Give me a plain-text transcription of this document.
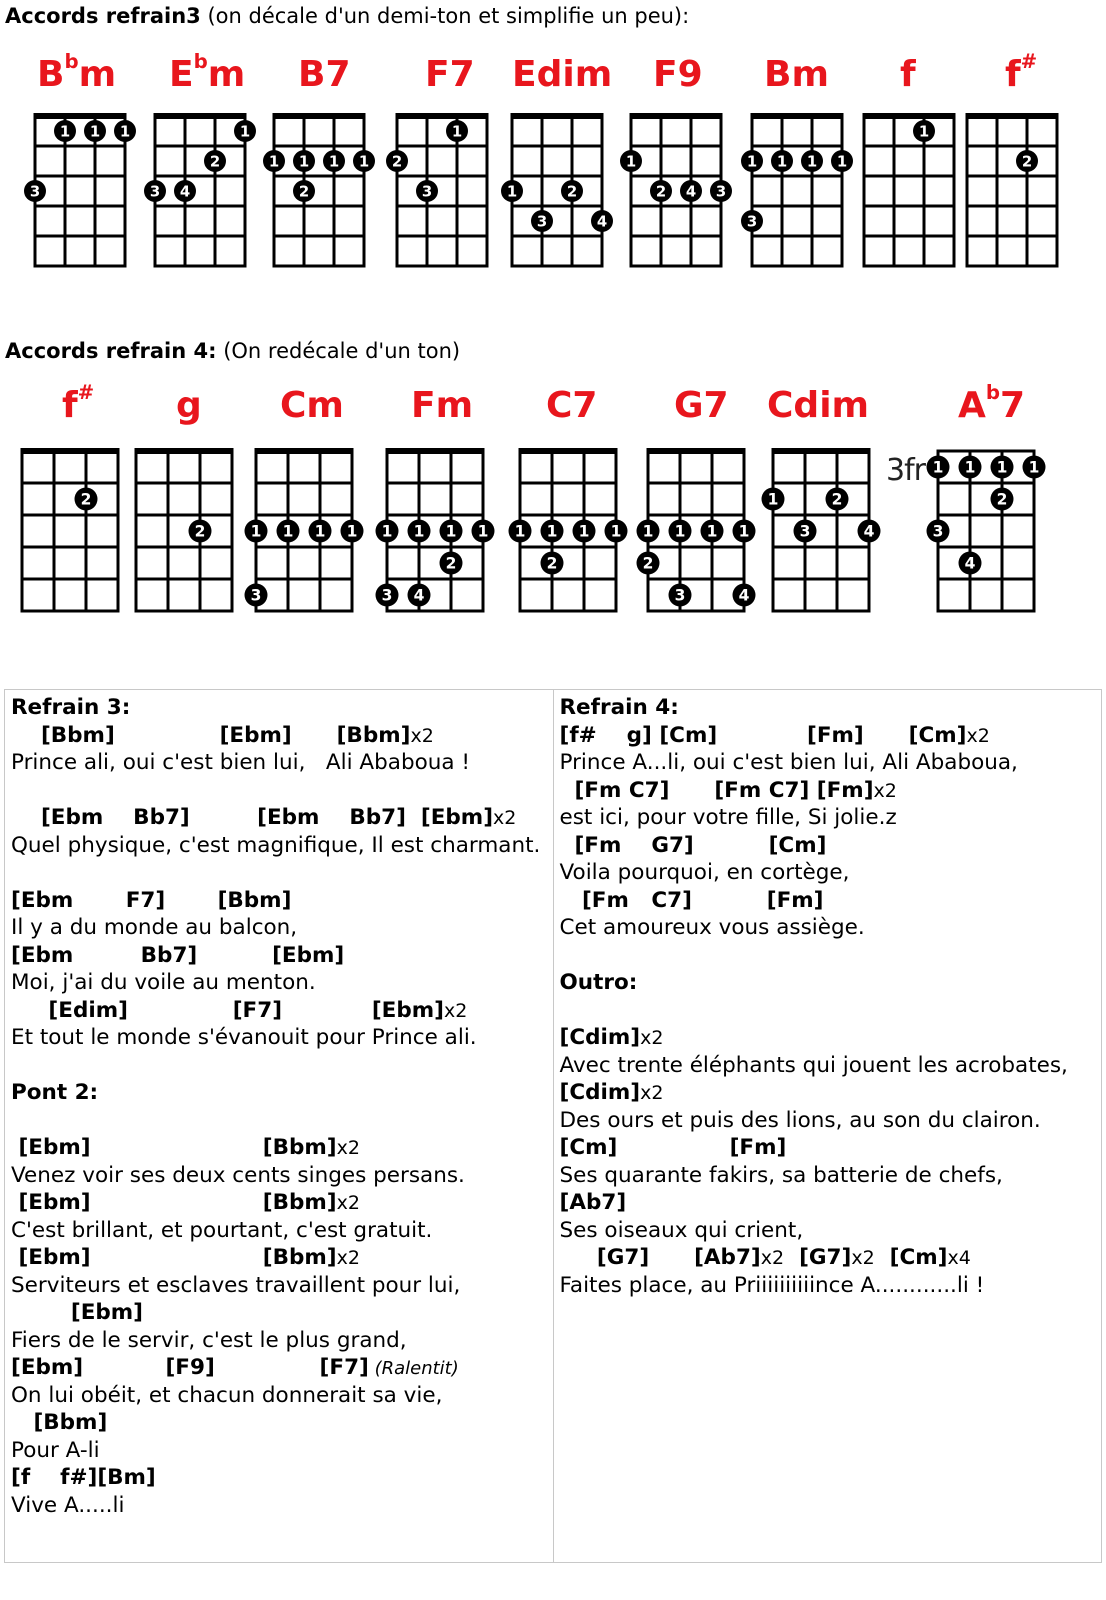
Accords refrain3 (on décale d'un demi-ton et simplifie un peu):
$B^bm$
1 1 1
3
$E^bm$
1
2
3 4
B7
1 1 1 1
2
F7
1
2
3
Edim
1	2
3	4
F9
1
2 4 3
Bm
1 1 1 1
3
f
1
f#
2
Accords refrain 4: (On redécale d'un ton)
f#
2
g
2
Cm
1 1 1 1
3
Fm
1 1 1 1
2
3 4
C7
1 1 1 1
2
G7
1 1 1 1
2
3	4
Cdim
1	2
3	4
$A^b7$
3fr 1 1 1 1
2
3
4
Refrain 3:
[Bbm]              [Ebm]      [Bbm]x2
Prince ali, oui c'est bien lui,   Ali Ababoua !

[Ebm    Bb7]         [Ebm    Bb7]  [Ebm]x2
Quel physique, c'est magnifique, Il est charmant.

[Ebm       F7]       [Bbm]
Il y a du monde au balcon,
[Ebm         Bb7]          [Ebm]
Moi, j'ai du voile au menton.
[Edim]              [F7]            [Ebm]x2
Et tout le monde s'évanouit pour Prince ali.

Pont 2:

[Ebm]                       [Bbm]x2
Venez voir ses deux cents singes persans.
[Ebm]                       [Bbm]x2
C'est brillant, et pourtant, c'est gratuit.
[Ebm]                       [Bbm]x2
Serviteurs et esclaves travaillent pour lui,
[Ebm]
Fiers de le servir, c'est le plus grand,
[Ebm]           [F9]              [F7] (Ralentit)
On lui obéit, et chacun donnerait sa vie,
[Bbm]
Pour A-li
[f    f#][Bm]
Vive A.....li

Refrain 4:
[f#    g] [Cm]            [Fm]      [Cm]x2
Prince A...li, oui c'est bien lui, Ali Ababoua,
[Fm C7]      [Fm C7] [Fm]x2
est ici, pour votre fille, Si jolie.z
[Fm    G7]          [Cm]
Voila pourquoi, en cortège,
[Fm   C7]          [Fm]
Cet amoureux vous assiège.

Outro:

[Cdim]x2
Avec trente éléphants qui jouent les acrobates,
[Cdim]x2
Des ours et puis des lions, au son du clairon.
[Cm]               [Fm]
Ses quarante fakirs, sa batterie de chefs,
[Ab7]
Ses oiseaux qui crient,
[G7]      [Ab7]x2  [G7]x2  [Cm]x4
Faites place, au Priiiiiiiiiince A............li !
